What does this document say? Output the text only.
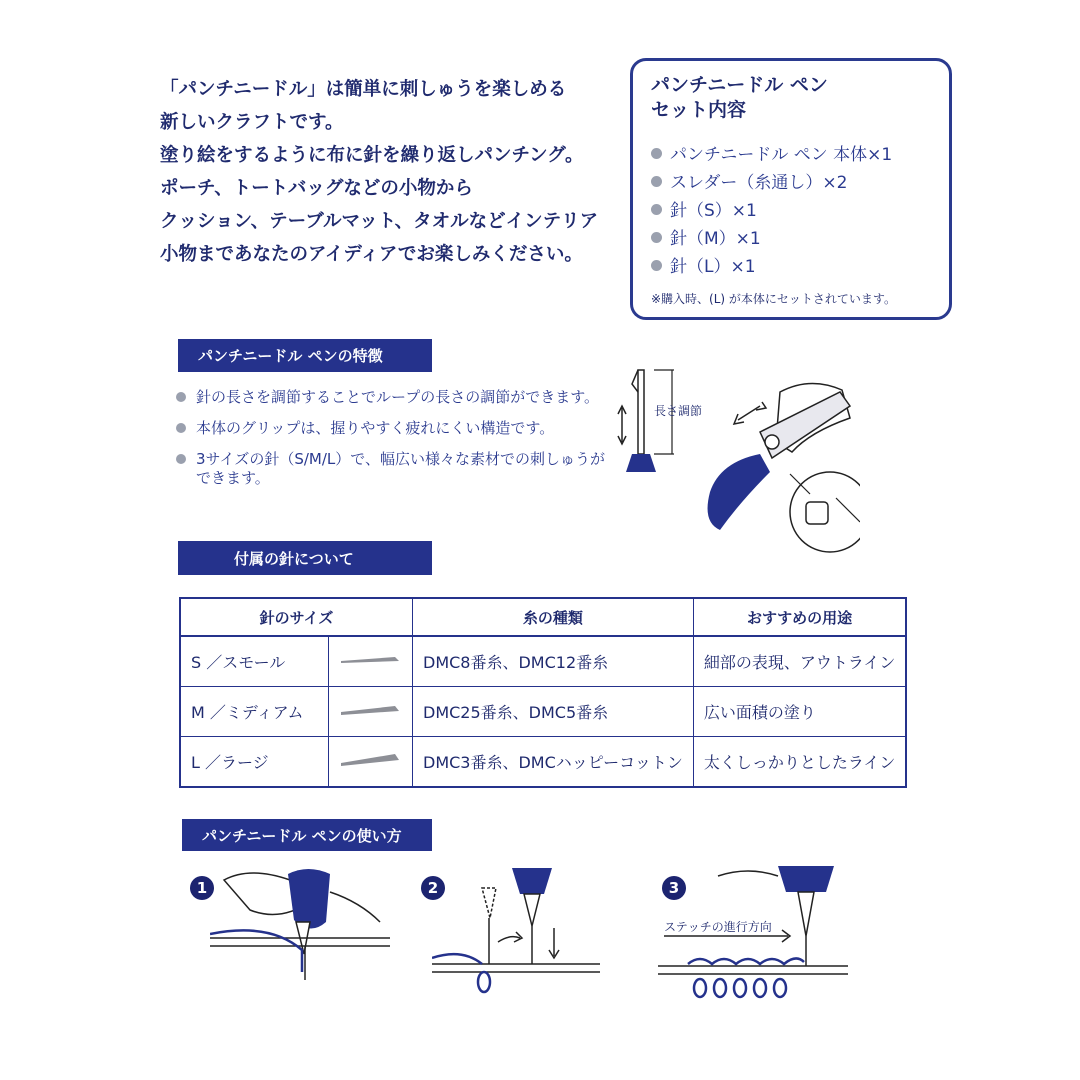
「パンチニードル」は簡単に刺しゅうを楽しめる

新しいクラフトです。

塗り絵をするように布に針を繰り返しパンチング。

ポーチ、トートバッグなどの小物から

クッション、テーブルマット、タオルなどインテリア

小物まであなたのアイディアでお楽しみください。

パンチニードル ペン
セット内容
パンチニードル ペン 本体×1
スレダー（糸通し）×2
針（S）×1
針（M）×1
針（L）×1
※購入時、(L) が本体にセットされています。
パンチニードル ペンの特徴
針の長さを調節することでループの長さの調節ができます。
本体のグリップは、握りやすく疲れにくい構造です。
3サイズの針（S/M/L）で、幅広い様々な素材での刺しゅうができます。
長さ調節
付属の針について
針のサイズ		糸の種類	おすすめの用途
S ／スモール		DMC8番糸、DMC12番糸	細部の表現、アウトライン
M ／ミディアム		DMC25番糸、DMC5番糸	広い面積の塗り
L ／ラージ		DMC3番糸、DMCハッピーコットン	太くしっかりとしたライン
パンチニードル ペンの使い方
1	2	3
ステッチの進行方向
